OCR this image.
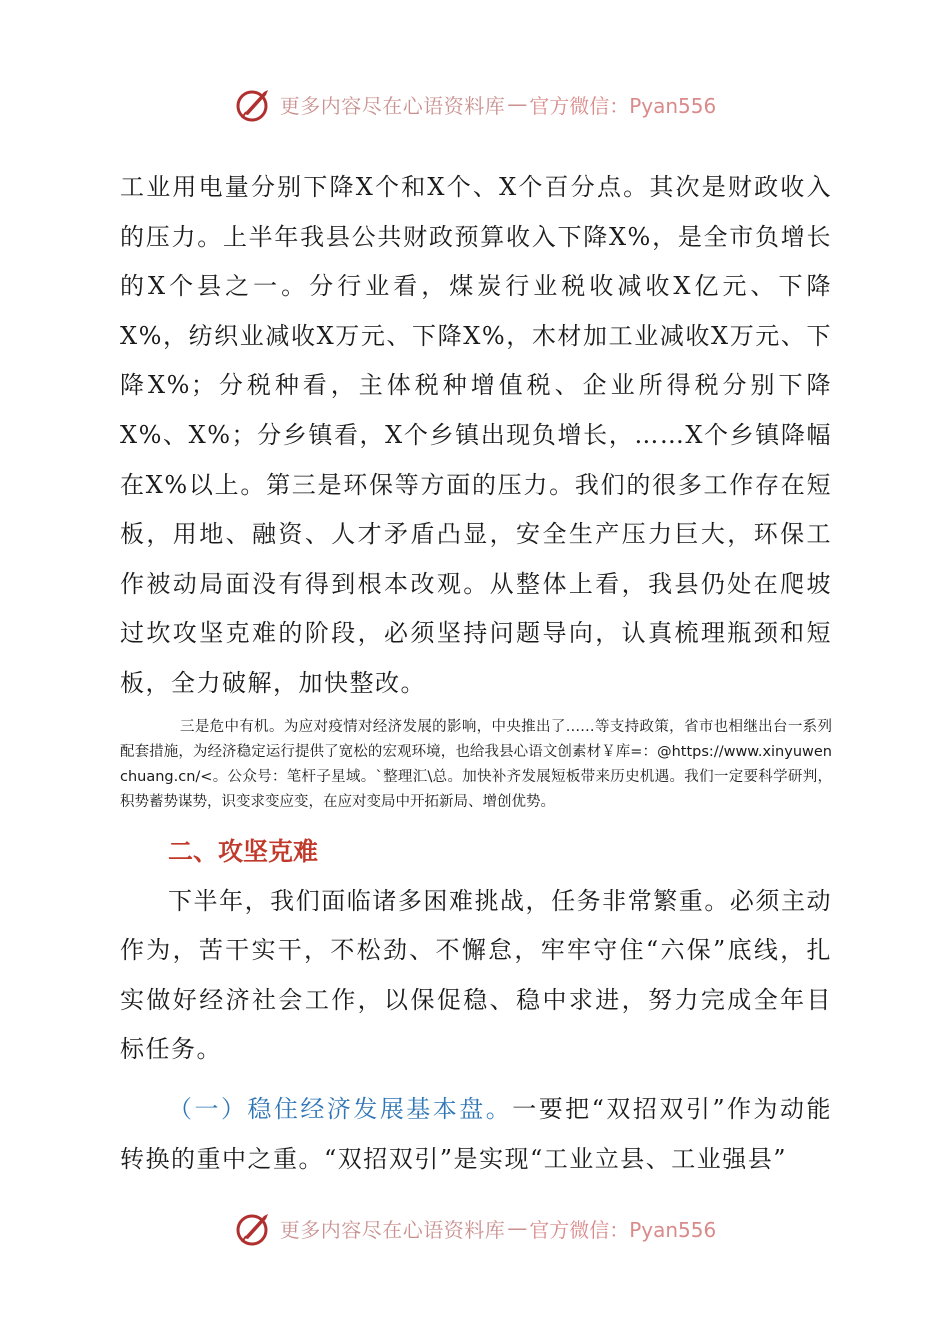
更多内容尽在心语资料库 — 官方微信：Pyan556

工业用电量分别下降X个和X个、X个百分点。其次是财政收入的压力。上半年我县公共财政预算收入下降X%，是全市负增长的X个县之一。分行业看，煤炭行业税收减收X亿元、下降X%，纺织业减收X万元、下降X%，木材加工业减收X万元、下降X%；分税种看，主体税种增值税、企业所得税分别下降X%、X%；分乡镇看，X个乡镇出现负增长，……X个乡镇降幅在X%以上。第三是环保等方面的压力。我们的很多工作存在短板，用地、融资、人才矛盾凸显，安全生产压力巨大，环保工作被动局面没有得到根本改观。从整体上看，我县仍处在爬坡过坎攻坚克难的阶段，必须坚持问题导向，认真梳理瓶颈和短板，全力破解，加快整改。

三是危中有机。为应对疫情对经济发展的影响，中央推出了……等支持政策，省市也相继出台一系列配套措施，为经济稳定运行提供了宽松的宏观环境，也给我县心语文创素材￥库=：@https://www.xinyuwenchuang.cn/<。公众号：笔杆子星域。`整理汇\总。加快补齐发展短板带来历史机遇。我们一定要科学研判，积势蓄势谋势，识变求变应变，在应对变局中开拓新局、增创优势。

二、攻坚克难

下半年，我们面临诸多困难挑战，任务非常繁重。必须主动作为，苦干实干，不松劲、不懈怠，牢牢守住“六保”底线，扎实做好经济社会工作，以保促稳、稳中求进，努力完成全年目标任务。

（一）稳住经济发展基本盘。一要把“双招双引”作为动能转换的重中之重。“双招双引”是实现“工业立县、工业强县”

更多内容尽在心语资料库 — 官方微信：Pyan556
